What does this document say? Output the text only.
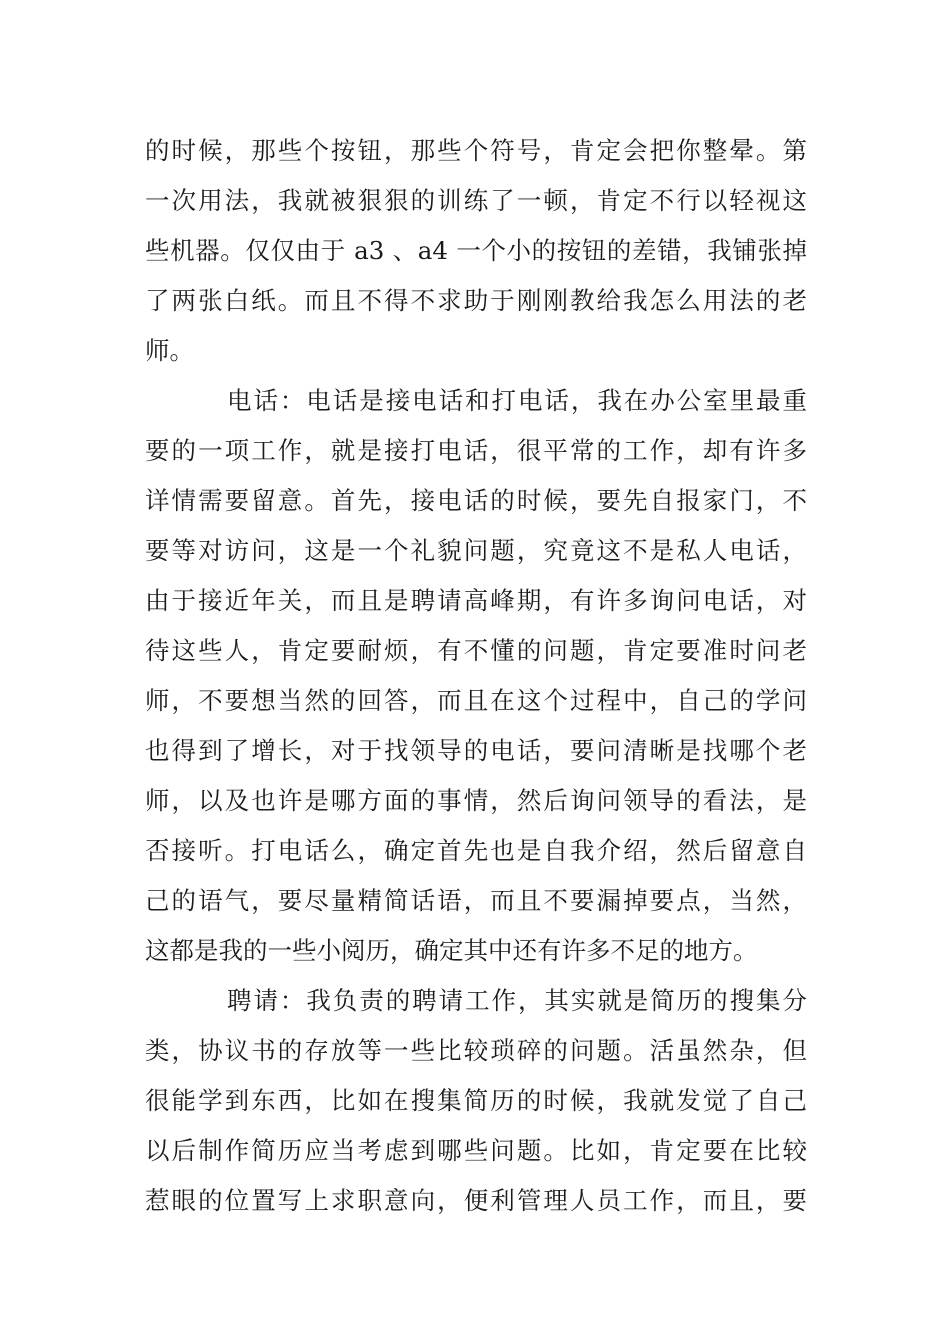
的时候，那些个按钮，那些个符号，肯定会把你整晕。第
一次用法，我就被狠狠的训练了一顿，肯定不行以轻视这
些机器。仅仅由于 a3 、a4 一个小的按钮的差错，我铺张掉
了两张白纸。而且不得不求助于刚刚教给我怎么用法的老
师。
电话：电话是接电话和打电话，我在办公室里最重
要的一项工作，就是接打电话，很平常的工作，却有许多
详情需要留意。首先，接电话的时候，要先自报家门，不
要等对访问，这是一个礼貌问题，究竟这不是私人电话，
由于接近年关，而且是聘请高峰期，有许多询问电话，对
待这些人，肯定要耐烦，有不懂的问题，肯定要准时问老
师，不要想当然的回答，而且在这个过程中，自己的学问
也得到了增长，对于找领导的电话，要问清晰是找哪个老
师，以及也许是哪方面的事情，然后询问领导的看法，是
否接听。打电话么，确定首先也是自我介绍，然后留意自
己的语气，要尽量精简话语，而且不要漏掉要点，当然，
这都是我的一些小阅历，确定其中还有许多不足的地方。
聘请：我负责的聘请工作，其实就是简历的搜集分
类，协议书的存放等一些比较琐碎的问题。活虽然杂，但
很能学到东西，比如在搜集简历的时候，我就发觉了自己
以后制作简历应当考虑到哪些问题。比如，肯定要在比较
惹眼的位置写上求职意向，便利管理人员工作，而且，要
